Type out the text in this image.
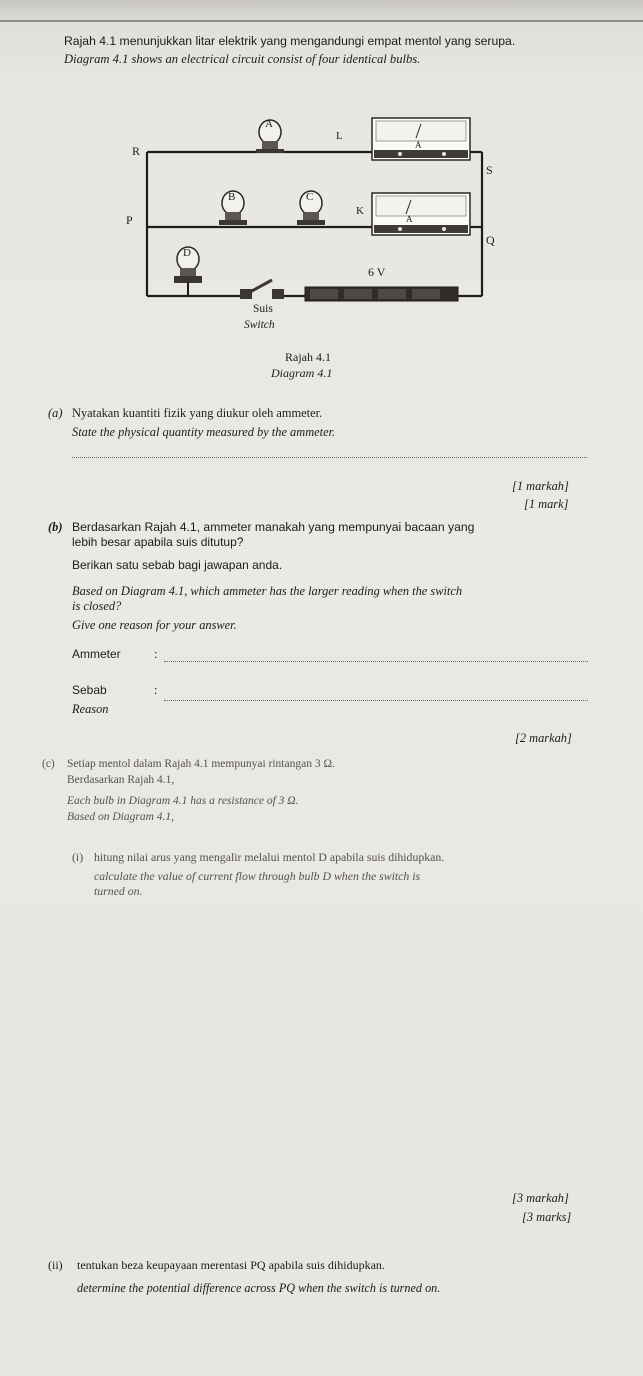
Rajah 4.1 menunjukkan litar elektrik yang mengandungi empat mentol yang serupa.
Diagram 4.1 shows an electrical circuit consist of four identical bulbs.
A
B	C
D
A
L
A
K
6 V
R
P
S
Q
Suis
Switch
Rajah 4.1
Diagram 4.1
(a) Nyatakan kuantiti fizik yang diukur oleh ammeter.
State the physical quantity measured by the ammeter.
[1 markah]
[1 mark]
(b) Berdasarkan Rajah 4.1, ammeter manakah yang mempunyai bacaan yang
lebih besar apabila suis ditutup?
Berikan satu sebab bagi jawapan anda.
Based on Diagram 4.1, which ammeter has the larger reading when the switch
is closed?
Give one reason for your answer.
Ammeter	:
Sebab	:
Reason
[2 markah]
(c) Setiap mentol dalam Rajah 4.1 mempunyai rintangan 3 Ω.
Berdasarkan Rajah 4.1,
Each bulb in Diagram 4.1 has a resistance of 3 Ω.
Based on Diagram 4.1,
(i) hitung nilai arus yang mengalir melalui mentol D apabila suis dihidupkan.
calculate the value of current flow through bulb D when the switch is
turned on.
[3 markah]
[3 marks]
(ii) tentukan beza keupayaan merentasi PQ apabila suis dihidupkan.
determine the potential difference across PQ when the switch is turned on.
